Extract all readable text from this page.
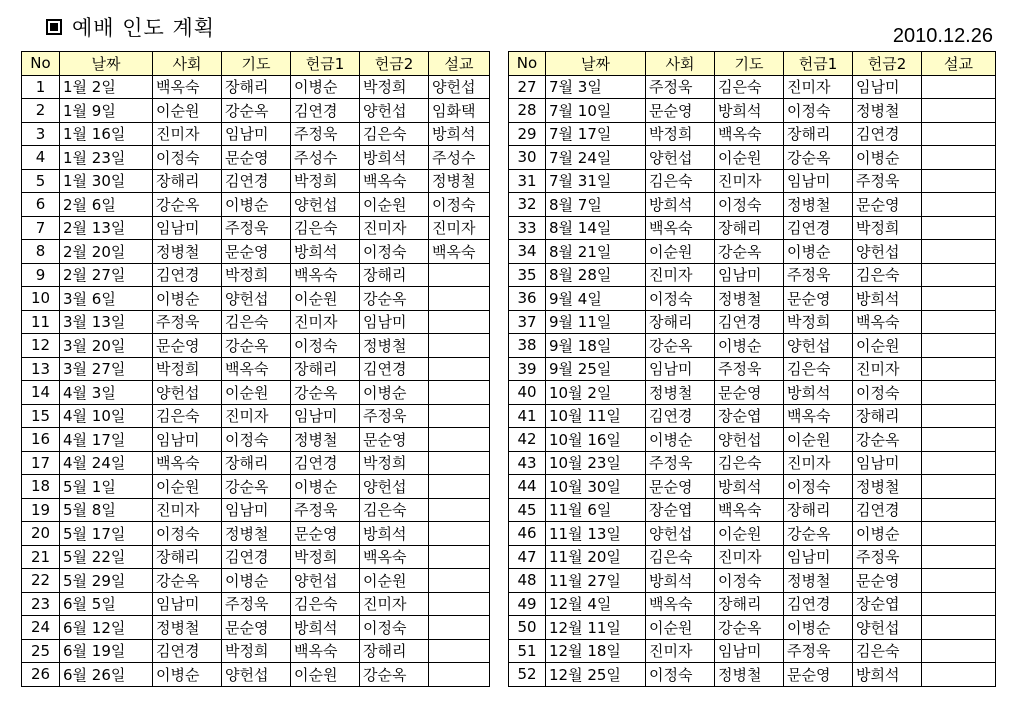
예배 인도 계획	2010.12.26
No	날짜	사회	기도	헌금1	헌금2	설교
1	1월 2일	백옥숙	장해리	이병순	박정희	양헌섭
2	1월 9일	이순원	강순옥	김연경	양헌섭	임화택
3	1월 16일	진미자	임남미	주정욱	김은숙	방희석
4	1월 23일	이정숙	문순영	주성수	방희석	주성수
5	1월 30일	장해리	김연경	박정희	백옥숙	정병철
6	2월 6일	강순옥	이병순	양헌섭	이순원	이정숙
7	2월 13일	임남미	주정욱	김은숙	진미자	진미자
8	2월 20일	정병철	문순영	방희석	이정숙	백옥숙
9	2월 27일	김연경	박정희	백옥숙	장해리	
10	3월 6일	이병순	양헌섭	이순원	강순옥	
11	3월 13일	주정욱	김은숙	진미자	임남미	
12	3월 20일	문순영	강순옥	이정숙	정병철	
13	3월 27일	박정희	백옥숙	장해리	김연경	
14	4월 3일	양헌섭	이순원	강순옥	이병순	
15	4월 10일	김은숙	진미자	임남미	주정욱	
16	4월 17일	임남미	이정숙	정병철	문순영	
17	4월 24일	백옥숙	장해리	김연경	박정희	
18	5월 1일	이순원	강순옥	이병순	양헌섭	
19	5월 8일	진미자	임남미	주정욱	김은숙	
20	5월 17일	이정숙	정병철	문순영	방희석	
21	5월 22일	장해리	김연경	박정희	백옥숙	
22	5월 29일	강순옥	이병순	양헌섭	이순원	
23	6월 5일	임남미	주정욱	김은숙	진미자	
24	6월 12일	정병철	문순영	방희석	이정숙	
25	6월 19일	김연경	박정희	백옥숙	장해리	
26	6월 26일	이병순	양헌섭	이순원	강순옥	
No	날짜	사회	기도	헌금1	헌금2	설교
27	7월 3일	주정욱	김은숙	진미자	임남미	
28	7월 10일	문순영	방희석	이정숙	정병철	
29	7월 17일	박정희	백옥숙	장해리	김연경	
30	7월 24일	양헌섭	이순원	강순옥	이병순	
31	7월 31일	김은숙	진미자	임남미	주정욱	
32	8월 7일	방희석	이정숙	정병철	문순영	
33	8월 14일	백옥숙	장해리	김연경	박정희	
34	8월 21일	이순원	강순옥	이병순	양헌섭	
35	8월 28일	진미자	임남미	주정욱	김은숙	
36	9월 4일	이정숙	정병철	문순영	방희석	
37	9월 11일	장해리	김연경	박정희	백옥숙	
38	9월 18일	강순옥	이병순	양헌섭	이순원	
39	9월 25일	임남미	주정욱	김은숙	진미자	
40	10월 2일	정병철	문순영	방희석	이정숙	
41	10월 11일	김연경	장순엽	백옥숙	장해리	
42	10월 16일	이병순	양헌섭	이순원	강순옥	
43	10월 23일	주정욱	김은숙	진미자	임남미	
44	10월 30일	문순영	방희석	이정숙	정병철	
45	11월 6일	장순엽	백옥숙	장해리	김연경	
46	11월 13일	양헌섭	이순원	강순옥	이병순	
47	11월 20일	김은숙	진미자	임남미	주정욱	
48	11월 27일	방희석	이정숙	정병철	문순영	
49	12월 4일	백옥숙	장해리	김연경	장순엽	
50	12월 11일	이순원	강순옥	이병순	양헌섭	
51	12월 18일	진미자	임남미	주정욱	김은숙	
52	12월 25일	이정숙	정병철	문순영	방희석	
